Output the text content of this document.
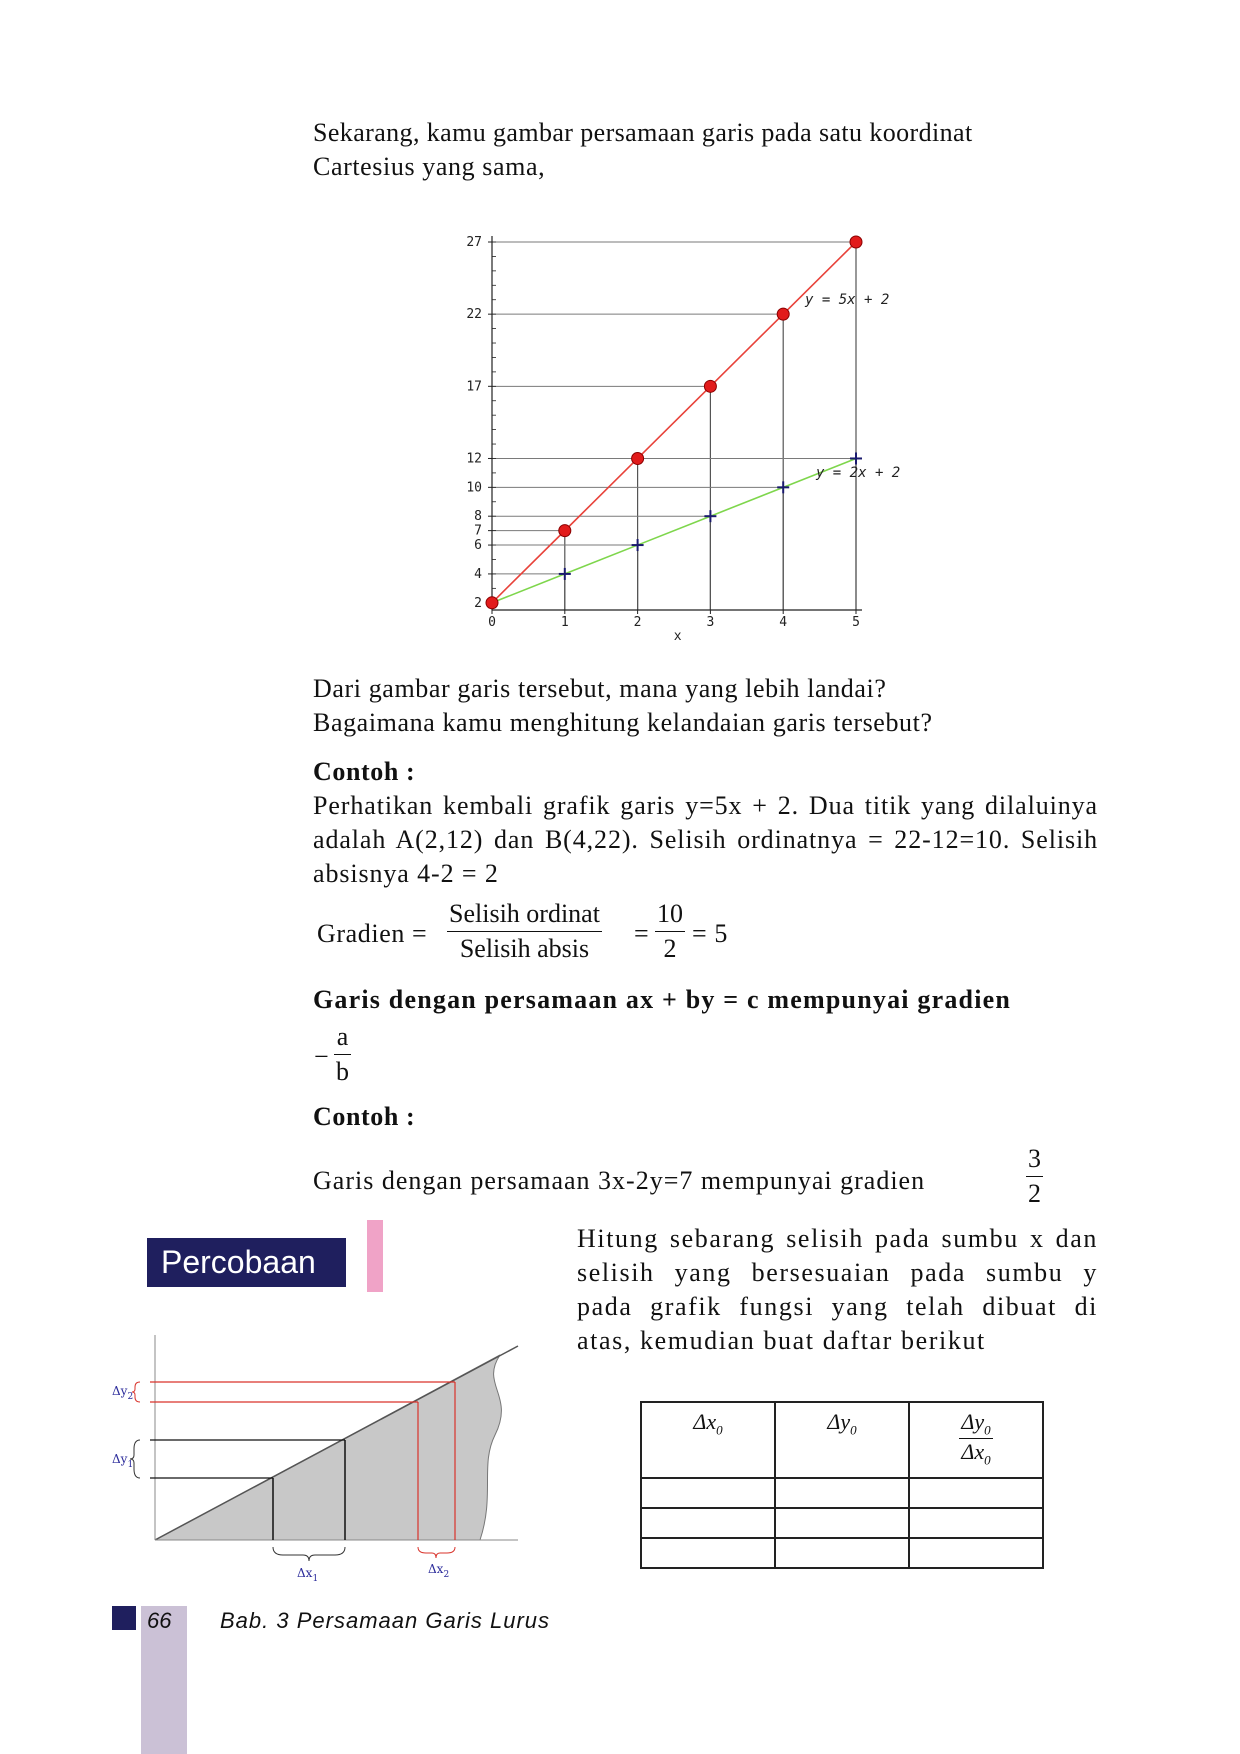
Sekarang, kamu gambar persamaan garis pada satu koordinat
Cartesius yang sama,
2
4
6
7
8
10
12
17
22
27
0	1	2	3	4	5
x
y = 5x + 2
y = 2x + 2
Dari gambar garis tersebut, mana yang lebih landai?
Bagaimana kamu menghitung kelandaian garis tersebut?
Contoh :
Perhatikan kembali grafik garis y=5x + 2. Dua titik yang dilaluinya adalah A(2,12) dan B(4,22). Selisih ordinatnya = 22-12=10. Selisih absisnya 4-2 = 2
Gradien =
Selisih ordinat
Selisih absis
=
10
2
= 5
Garis dengan persamaan ax + by = c mempunyai gradien
−
a
b
Contoh :
Garis dengan persamaan 3x-2y=7 mempunyai gradien
3
2
Percobaan
Hitung sebarang selisih pada sumbu x dan selisih yang bersesuaian pada sumbu y pada grafik fungsi yang telah dibuat di atas, kemudian buat daftar berikut
$\Delta y_1$
$\Delta y_2$
$\Delta x_1$
$\Delta x_2$
$\Delta x_0$	$\Delta y_0$	$\frac{\Delta y_0}{\Delta x_0}$

66 Bab. 3 Persamaan Garis Lurus
